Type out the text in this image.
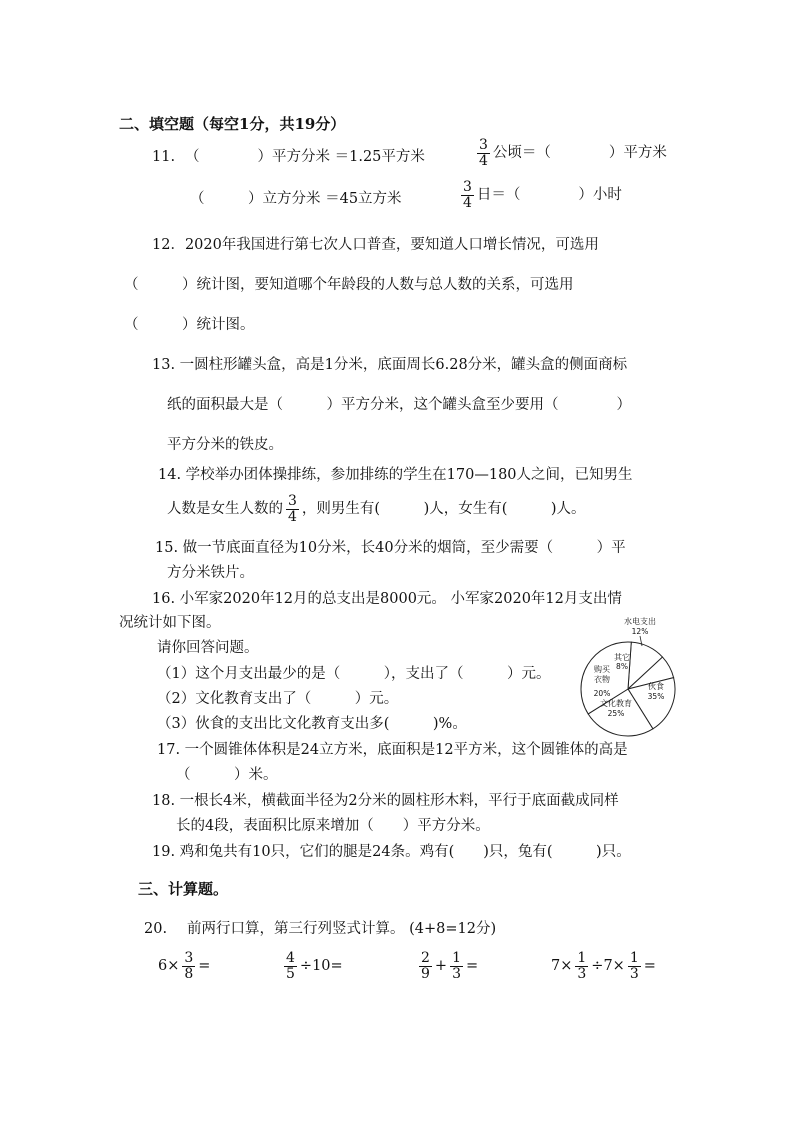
二、填空题（每空1分，共19分）
11. （　　　　）平方分米 ＝1.25平方米	$\frac{3}{4}$ 公顷＝（　　　　）平方米
（　　　）立方分米 ＝45立方米	$\frac{3}{4}$ 日＝（　　　　）小时
12．2020年我国进行第七次人口普查，要知道人口增长情况，可选用
（　　　）统计图，要知道哪个年龄段的人数与总人数的关系，可选用
（　　　）统计图。
13. 一圆柱形罐头盒，高是1分米，底面周长6.28分米，罐头盒的侧面商标
纸的面积最大是（　　　）平方分米，这个罐头盒至少要用（　　　　）
平方分米的铁皮。
14. 学校举办团体操排练，参加排练的学生在170—180人之间，已知男生
人数是女生人数的 $\frac{3}{4}$ ，则男生有(　　　)人，女生有(　　　)人。
15. 做一节底面直径为10分米，长40分米的烟筒，至少需要（　　　）平
方分米铁片。
16. 小军家2020年12月的总支出是8000元。 小军家2020年12月支出情
况统计如下图。
请你回答问题。
（1）这个月支出最少的是（　　　），支出了（　　　）元。
（2）文化教育支出了（　　　）元。
（3）伙食的支出比文化教育支出多(　　　)%。
水电支出
12%
其它
8%
购买
衣物
20%
文化教育
25%
伙食
35%
17. 一个圆锥体体积是24立方米，底面积是12平方米，这个圆锥体的高是
（　　　）米。
18. 一根长4米，横截面半径为2分米的圆柱形木料，平行于底面截成同样
长的4段，表面积比原来增加（　　）平方分米。
19. 鸡和兔共有10只，它们的腿是24条。鸡有(　　)只，兔有(　　　)只。
三、计算题。
20. 前两行口算，第三行列竖式计算。 (4+8=12分)
$6\times \frac{3}{8}$ =	$\frac{4}{5} \div 10=$	$\frac{2}{9} + \frac{1}{3}$ =	$7\times \frac{1}{3} \div 7\times \frac{1}{3}$ =
